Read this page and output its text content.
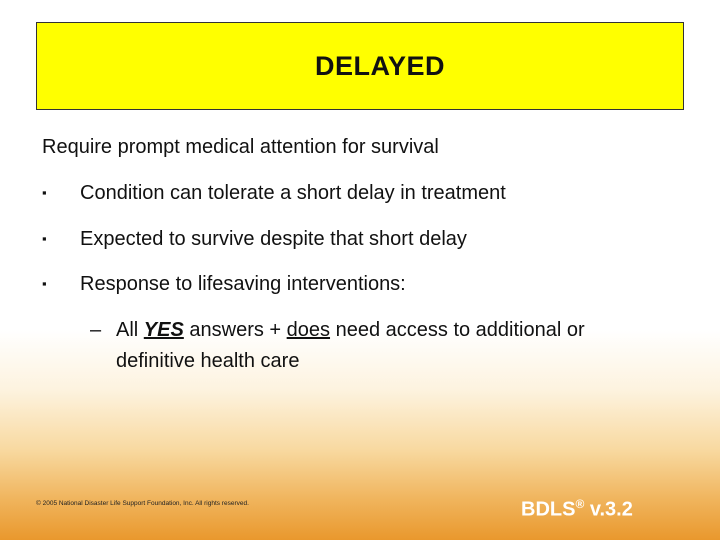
DELAYED
Require prompt medical attention for survival
▪ Condition can tolerate a short delay in treatment
▪ Expected to survive despite that short delay
▪ Response to lifesaving interventions:
– All YES answers + does need access to additional or definitive health care
© 2005 National Disaster Life Support Foundation, Inc. All rights reserved.	BDLS® v.3.2
